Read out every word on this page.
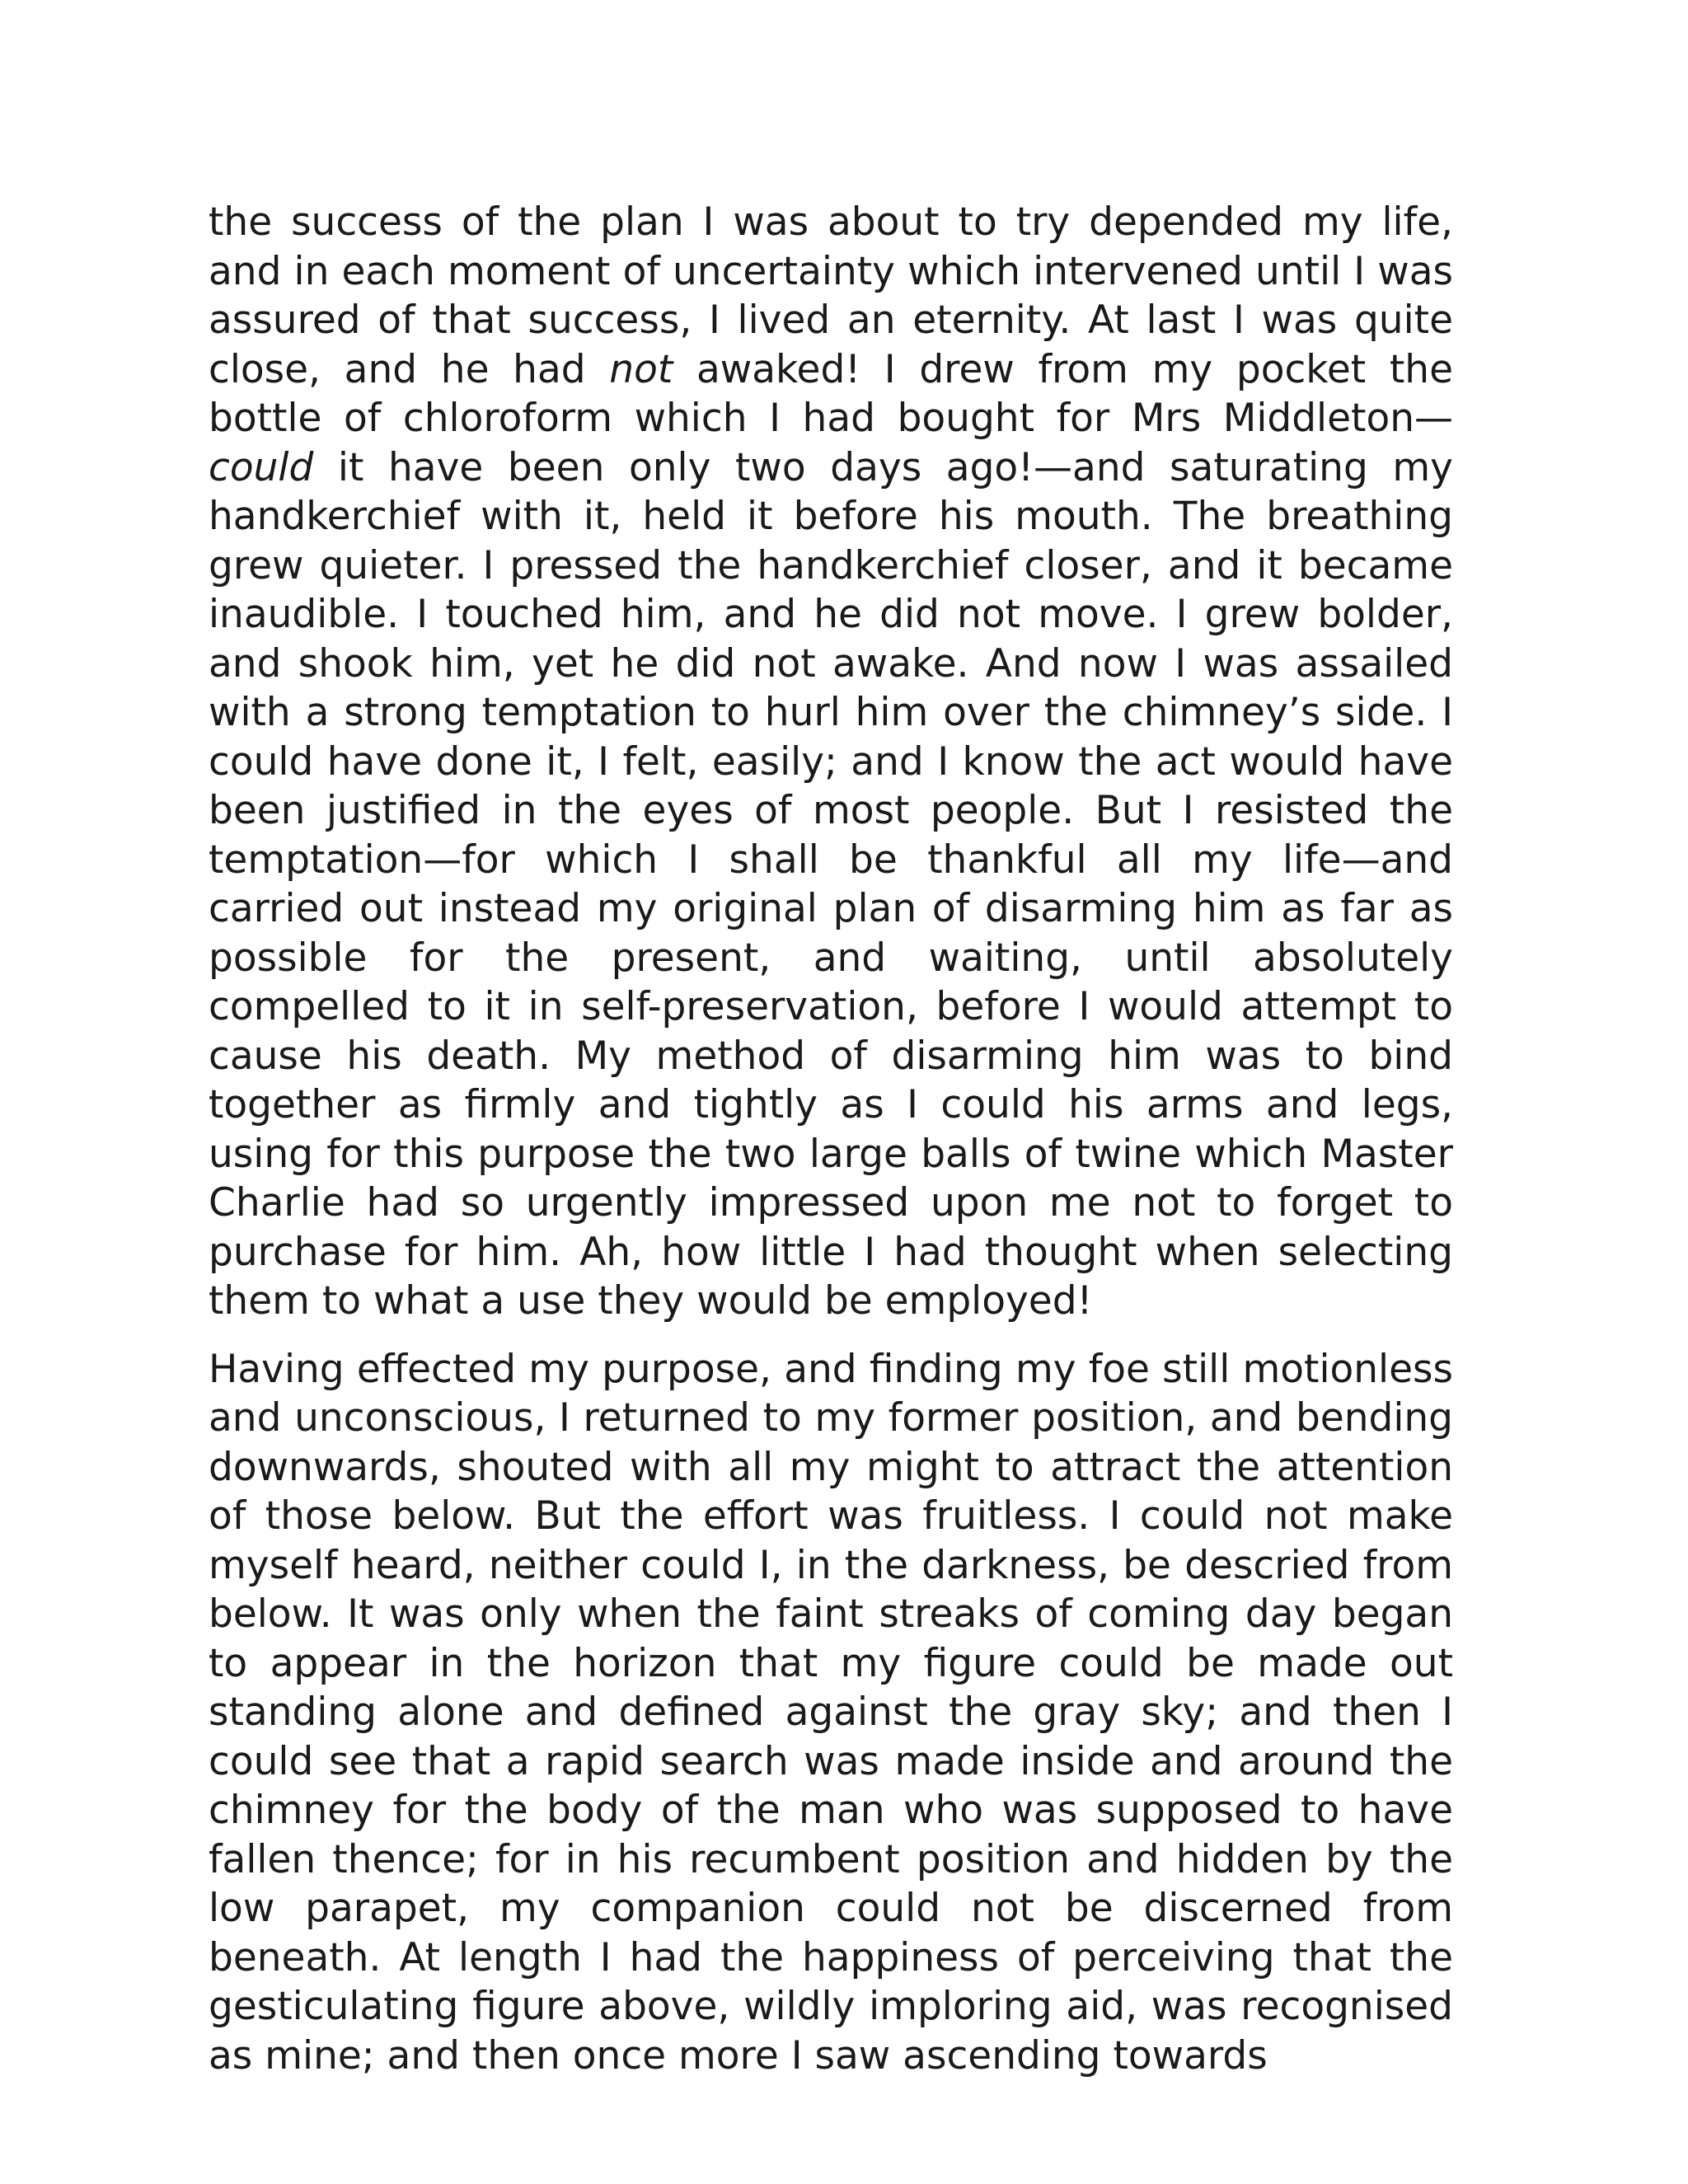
the success of the plan I was about to try depended my life, and in each moment of uncertainty which intervened until I was assured of that success, I lived an eternity. At last I was quite close, and he had not awaked! I drew from my pocket the bottle of chloroform which I had bought for Mrs Middleton—could it have been only two days ago!—and saturating my handkerchief with it, held it before his mouth. The breathing grew quieter. I pressed the handkerchief closer, and it became inaudible. I touched him, and he did not move. I grew bolder, and shook him, yet he did not awake. And now I was assailed with a strong temptation to hurl him over the chimney’s side. I could have done it, I felt, easily; and I know the act would have been justified in the eyes of most people. But I resisted the temptation—for which I shall be thankful all my life—and carried out instead my original plan of disarming him as far as possible for the present, and waiting, until absolutely compelled to it in self-preservation, before I would attempt to cause his death. My method of disarming him was to bind together as firmly and tightly as I could his arms and legs, using for this purpose the two large balls of twine which Master Charlie had so urgently impressed upon me not to forget to purchase for him. Ah, how little I had thought when selecting them to what a use they would be employed!

Having effected my purpose, and finding my foe still motionless and unconscious, I returned to my former position, and bending downwards, shouted with all my might to attract the attention of those below. But the effort was fruitless. I could not make myself heard, neither could I, in the darkness, be descried from below. It was only when the faint streaks of coming day began to appear in the horizon that my figure could be made out standing alone and defined against the gray sky; and then I could see that a rapid search was made inside and around the chimney for the body of the man who was supposed to have fallen thence; for in his recumbent position and hidden by the low parapet, my companion could not be discerned from beneath. At length I had the happiness of perceiving that the gesticulating figure above, wildly imploring aid, was recognised as mine; and then once more I saw ascending towards
